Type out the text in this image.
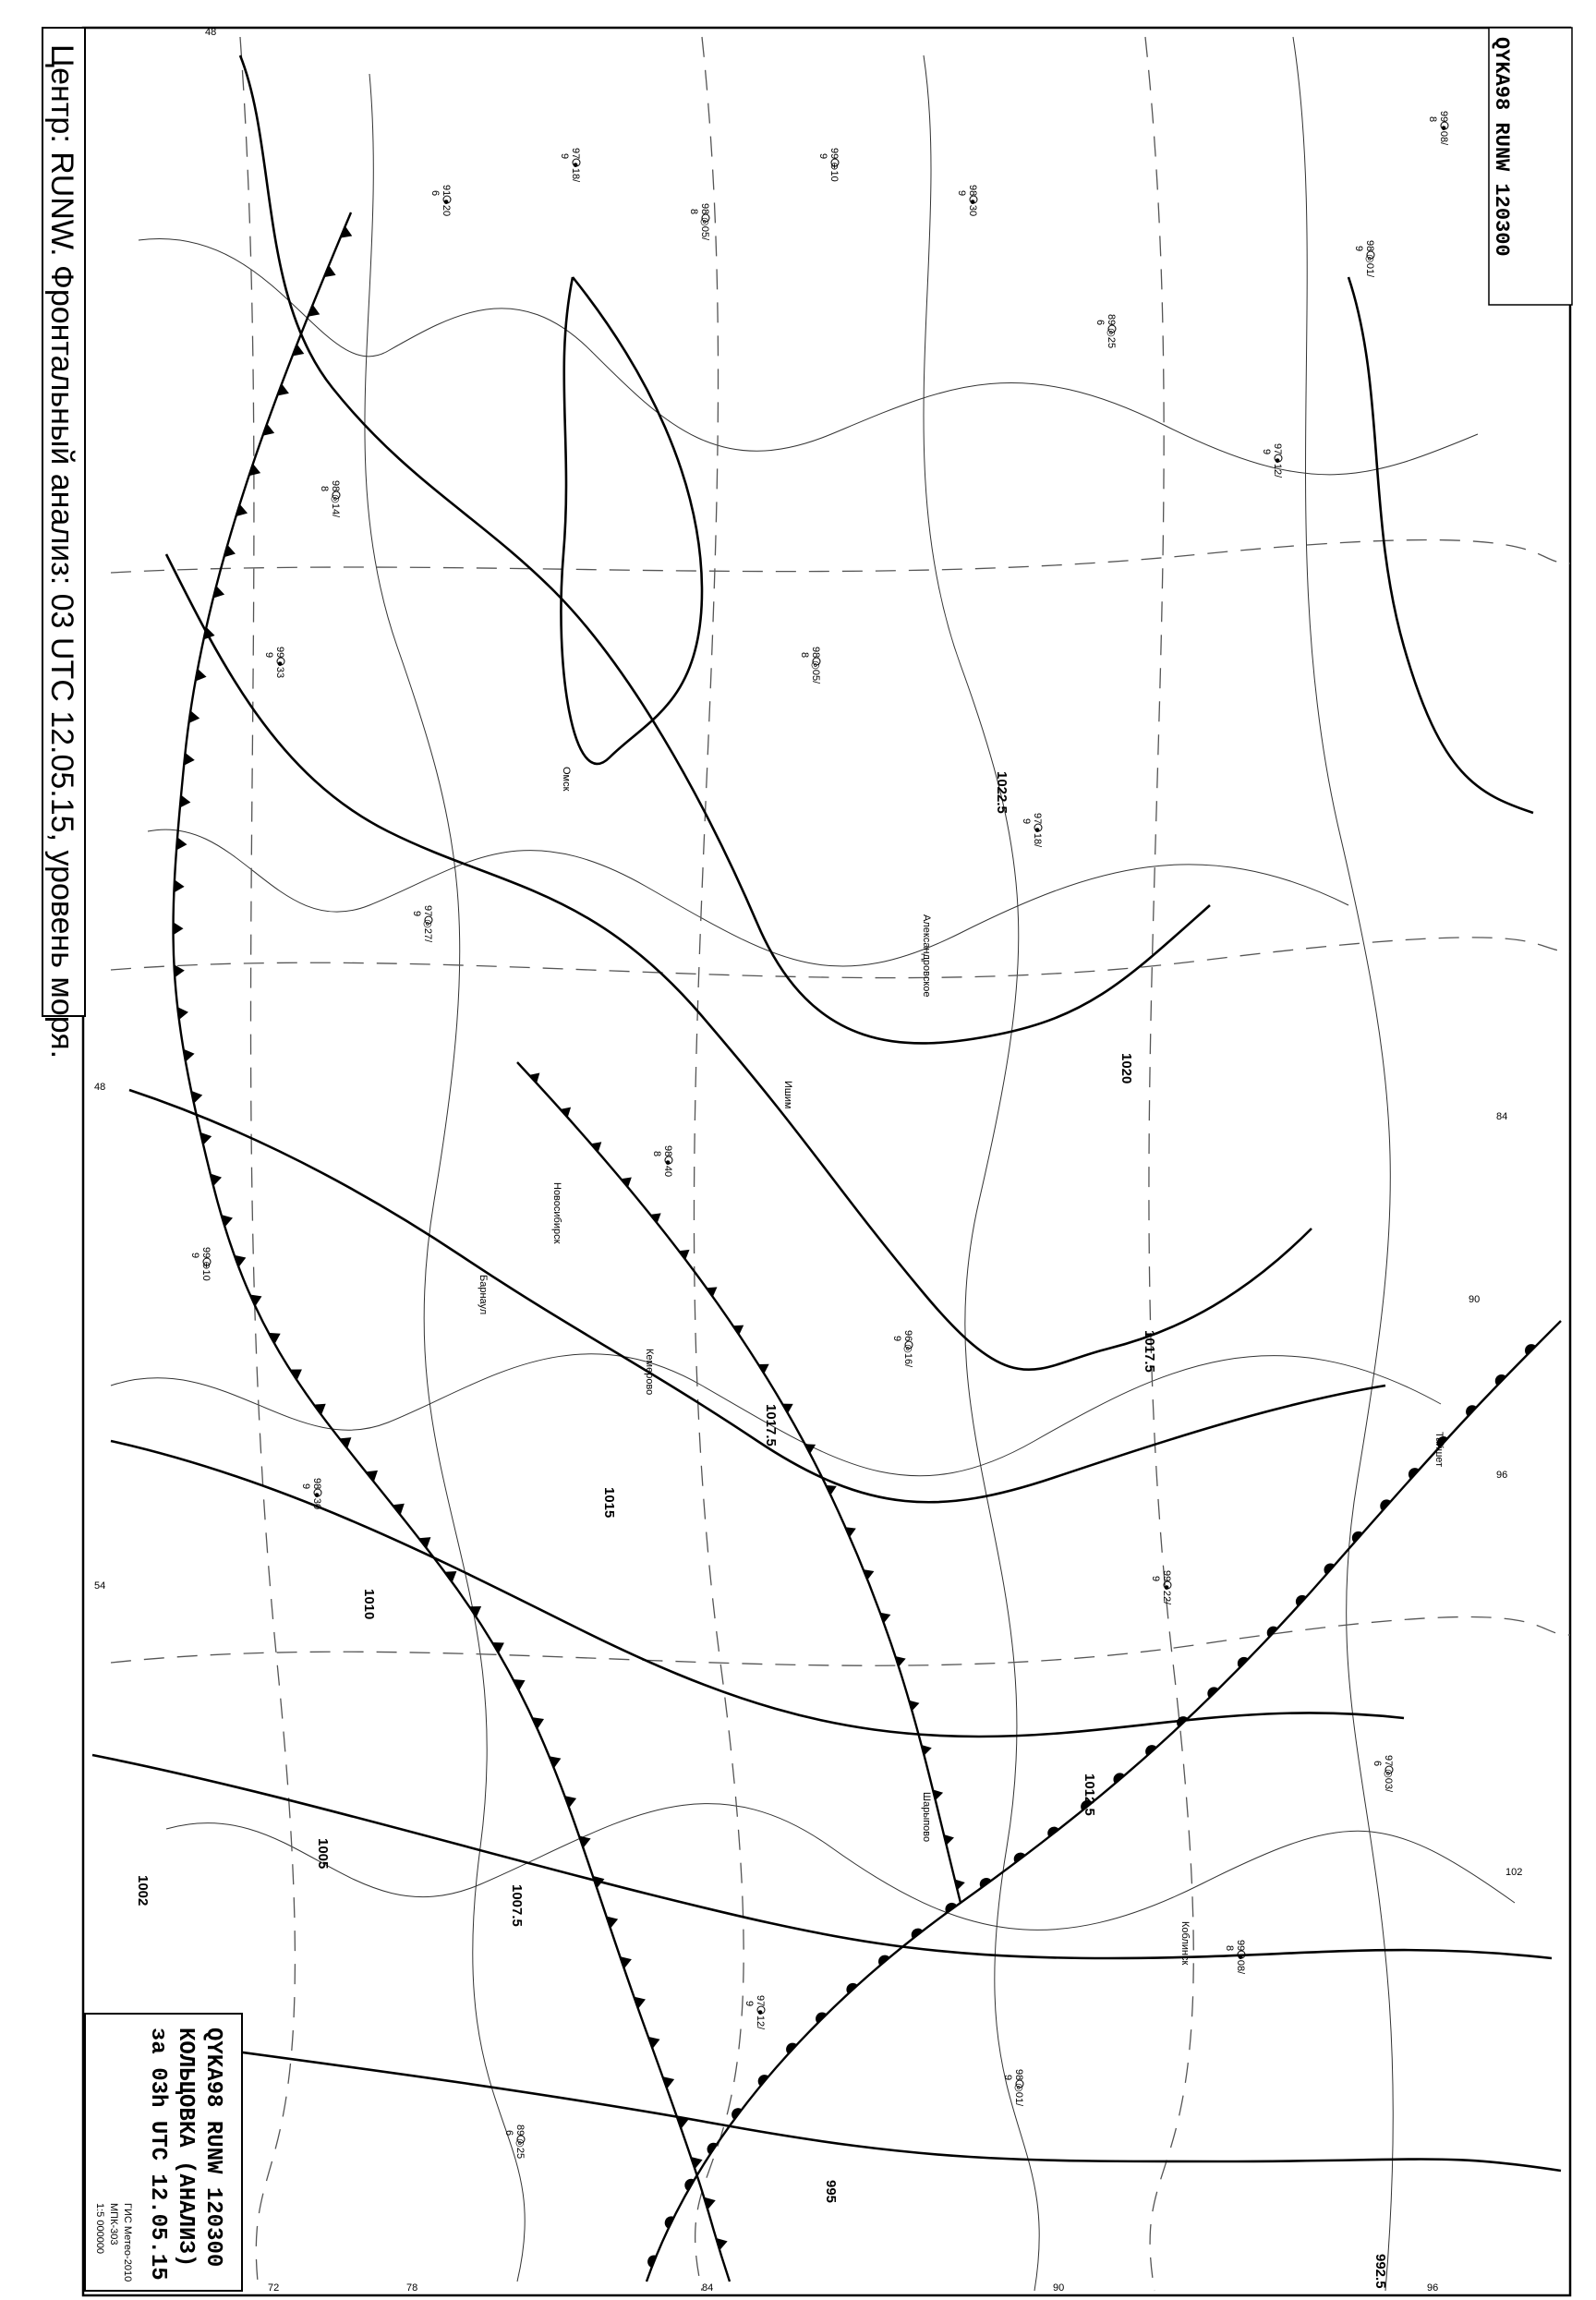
1022.5
1020
1017.5
1017.5
1015
1012.5
1010
1007.5
1005
1002
995
992.5
Тайшет
Новосибирск
Барнаул
Кемерово
Омск
Ишим
Александровское
Коблинск
Шарыпово
99 ●08/
8
98 ◎01/
9
97 ●12/
9
89 ◎25
6
98 ●30
9
99 ⊕10
9
98 ◎05/
8
97 ●18/
9
91 ●20
6
98 ◎14/
8
99 ●33
9
97 ◎27/
9
98 ●40
8
96 ◎16/
9
99 ●22/
9
97 ◎03/
6
99 ●08/
8
98 ◎01/
9
97 ●12/
9
89 ◎25
6
98 ●30
9
99 ⊕10
9
98 ◎05/
8
97 ●18/
9
48
84
90
96
102
96
90
84
78
72
54
48
Центр: RUNW. Фронтальный анализ: 03 UTC 12.05.15, уровень моря.	QYKA98 RUNW 120300
QYKA98 RUNW 120300
КОЛЬЦОВКА (АНАЛИЗ)
за 03h UTC 12.05.15
ГИС Метео-2010
МПК-303
1:5 000000
